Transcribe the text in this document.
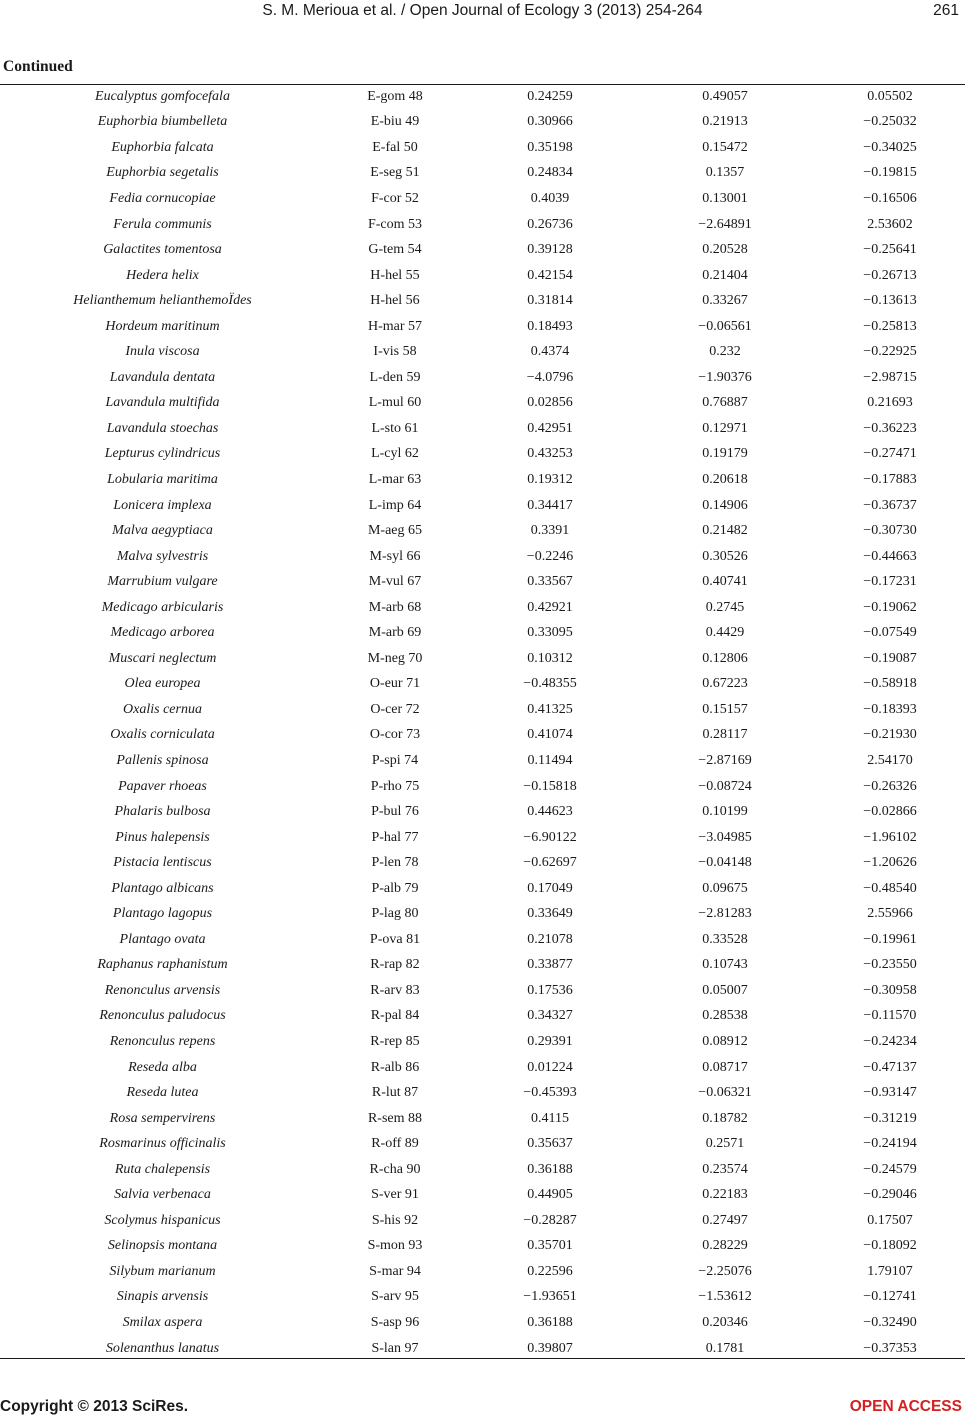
S. M. Merioua et al. / Open Journal of Ecology 3 (2013) 254-264	261
Continued
Eucalyptus gomfocefala	E-gom 48	0.24259	0.49057	0.05502
Euphorbia biumbelleta	E-biu 49	0.30966	0.21913	−0.25032
Euphorbia falcata	E-fal 50	0.35198	0.15472	−0.34025
Euphorbia segetalis	E-seg 51	0.24834	0.1357	−0.19815
Fedia cornucopiae	F-cor 52	0.4039	0.13001	−0.16506
Ferula communis	F-com 53	0.26736	−2.64891	2.53602
Galactites tomentosa	G-tem 54	0.39128	0.20528	−0.25641
Hedera helix	H-hel 55	0.42154	0.21404	−0.26713
Helianthemum helianthemoÏdes	H-hel 56	0.31814	0.33267	−0.13613
Hordeum maritinum	H-mar 57	0.18493	−0.06561	−0.25813
Inula viscosa	I-vis 58	0.4374	0.232	−0.22925
Lavandula dentata	L-den 59	−4.0796	−1.90376	−2.98715
Lavandula multifida	L-mul 60	0.02856	0.76887	0.21693
Lavandula stoechas	L-sto 61	0.42951	0.12971	−0.36223
Lepturus cylindricus	L-cyl 62	0.43253	0.19179	−0.27471
Lobularia maritima	L-mar 63	0.19312	0.20618	−0.17883
Lonicera implexa	L-imp 64	0.34417	0.14906	−0.36737
Malva aegyptiaca	M-aeg 65	0.3391	0.21482	−0.30730
Malva sylvestris	M-syl 66	−0.2246	0.30526	−0.44663
Marrubium vulgare	M-vul 67	0.33567	0.40741	−0.17231
Medicago arbicularis	M-arb 68	0.42921	0.2745	−0.19062
Medicago arborea	M-arb 69	0.33095	0.4429	−0.07549
Muscari neglectum	M-neg 70	0.10312	0.12806	−0.19087
Olea europea	O-eur 71	−0.48355	0.67223	−0.58918
Oxalis cernua	O-cer 72	0.41325	0.15157	−0.18393
Oxalis corniculata	O-cor 73	0.41074	0.28117	−0.21930
Pallenis spinosa	P-spi 74	0.11494	−2.87169	2.54170
Papaver rhoeas	P-rho 75	−0.15818	−0.08724	−0.26326
Phalaris bulbosa	P-bul 76	0.44623	0.10199	−0.02866
Pinus halepensis	P-hal 77	−6.90122	−3.04985	−1.96102
Pistacia lentiscus	P-len 78	−0.62697	−0.04148	−1.20626
Plantago albicans	P-alb 79	0.17049	0.09675	−0.48540
Plantago lagopus	P-lag 80	0.33649	−2.81283	2.55966
Plantago ovata	P-ova 81	0.21078	0.33528	−0.19961
Raphanus raphanistum	R-rap 82	0.33877	0.10743	−0.23550
Renonculus arvensis	R-arv 83	0.17536	0.05007	−0.30958
Renonculus paludocus	R-pal 84	0.34327	0.28538	−0.11570
Renonculus repens	R-rep 85	0.29391	0.08912	−0.24234
Reseda alba	R-alb 86	0.01224	0.08717	−0.47137
Reseda lutea	R-lut 87	−0.45393	−0.06321	−0.93147
Rosa sempervirens	R-sem 88	0.4115	0.18782	−0.31219
Rosmarinus officinalis	R-off 89	0.35637	0.2571	−0.24194
Ruta chalepensis	R-cha 90	0.36188	0.23574	−0.24579
Salvia verbenaca	S-ver 91	0.44905	0.22183	−0.29046
Scolymus hispanicus	S-his 92	−0.28287	0.27497	0.17507
Selinopsis montana	S-mon 93	0.35701	0.28229	−0.18092
Silybum marianum	S-mar 94	0.22596	−2.25076	1.79107
Sinapis arvensis	S-arv 95	−1.93651	−1.53612	−0.12741
Smilax aspera	S-asp 96	0.36188	0.20346	−0.32490
Solenanthus lanatus	S-lan 97	0.39807	0.1781	−0.37353
Copyright © 2013 SciRes.	OPEN ACCESS
